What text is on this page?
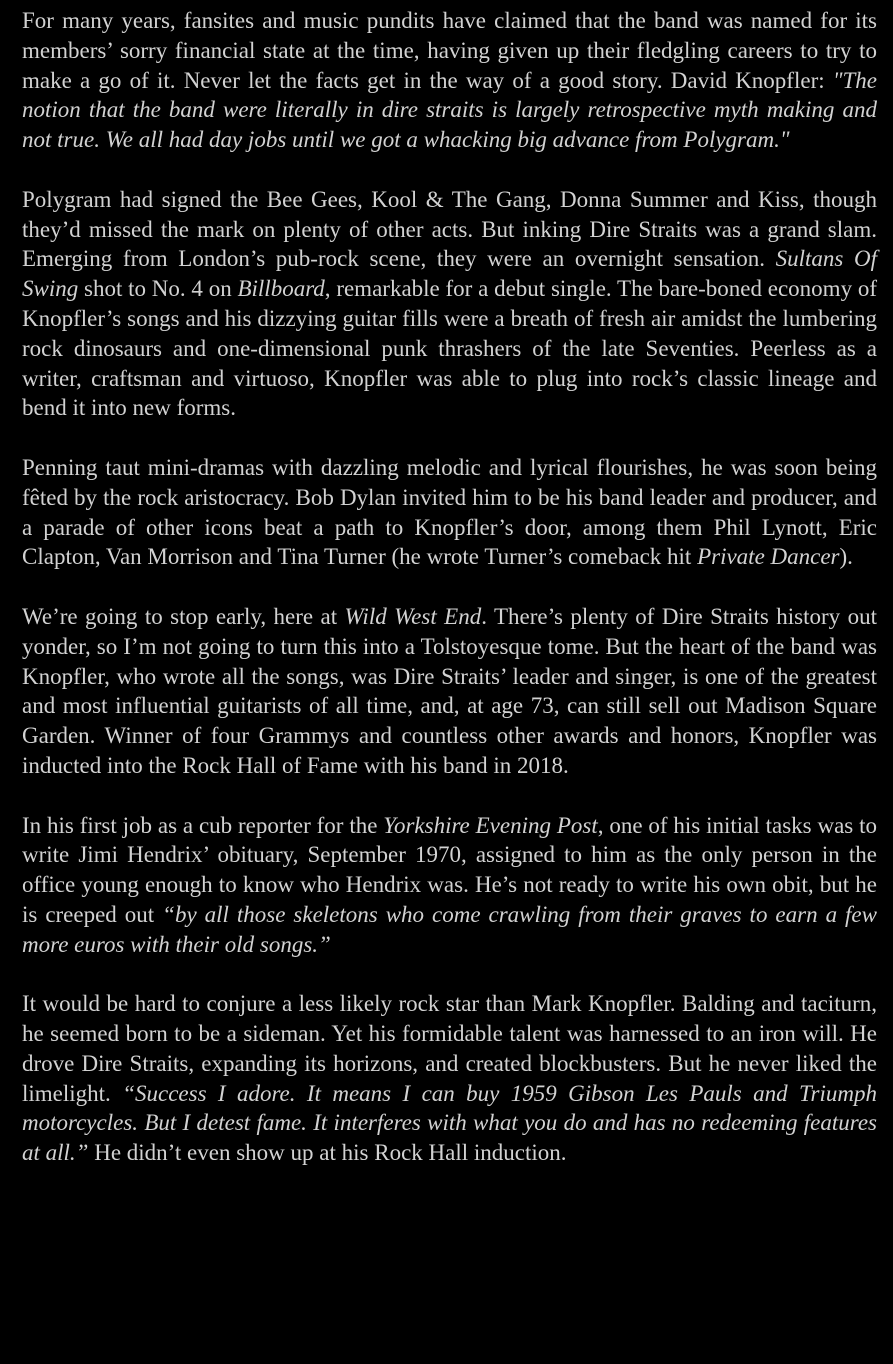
For many years, fansites and music pundits have claimed that the band was named for its members’ sorry financial state at the time, having given up their fledgling careers to try to make a go of it. Never let the facts get in the way of a good story. David Knopfler: "The notion that the band were literally in dire straits is largely retrospective myth making and not true. We all had day jobs until we got a whacking big advance from Polygram."

Polygram had signed the Bee Gees, Kool & The Gang, Donna Summer and Kiss, though they’d missed the mark on plenty of other acts. But inking Dire Straits was a grand slam. Emerging from London’s pub-rock scene, they were an overnight sensation. Sultans Of Swing shot to No. 4 on Billboard, remarkable for a debut single. The bare-boned economy of Knopfler’s songs and his dizzying guitar fills were a breath of fresh air amidst the lumbering rock dinosaurs and one-dimensional punk thrashers of the late Seventies. Peerless as a writer, craftsman and virtuoso, Knopfler was able to plug into rock’s classic lineage and bend it into new forms.

Penning taut mini-dramas with dazzling melodic and lyrical flourishes, he was soon being fêted by the rock aristocracy. Bob Dylan invited him to be his band leader and producer, and a parade of other icons beat a path to Knopfler’s door, among them Phil Lynott, Eric Clapton, Van Morrison and Tina Turner (he wrote Turner’s comeback hit Private Dancer).

We’re going to stop early, here at Wild West End. There’s plenty of Dire Straits history out yonder, so I’m not going to turn this into a Tolstoyesque tome. But the heart of the band was Knopfler, who wrote all the songs, was Dire Straits’ leader and singer, is one of the greatest and most influential guitarists of all time, and, at age 73, can still sell out Madison Square Garden. Winner of four Grammys and countless other awards and honors, Knopfler was inducted into the Rock Hall of Fame with his band in 2018.

In his first job as a cub reporter for the Yorkshire Evening Post, one of his initial tasks was to write Jimi Hendrix’ obituary, September 1970, assigned to him as the only person in the office young enough to know who Hendrix was. He’s not ready to write his own obit, but he is creeped out “by all those skeletons who come crawling from their graves to earn a few more euros with their old songs.”

It would be hard to conjure a less likely rock star than Mark Knopfler. Balding and taciturn, he seemed born to be a sideman. Yet his formidable talent was harnessed to an iron will. He drove Dire Straits, expanding its horizons, and created blockbusters. But he never liked the limelight. “Success I adore. It means I can buy 1959 Gibson Les Pauls and Triumph motorcycles. But I detest fame. It interferes with what you do and has no redeeming features at all.” He didn’t even show up at his Rock Hall induction.
